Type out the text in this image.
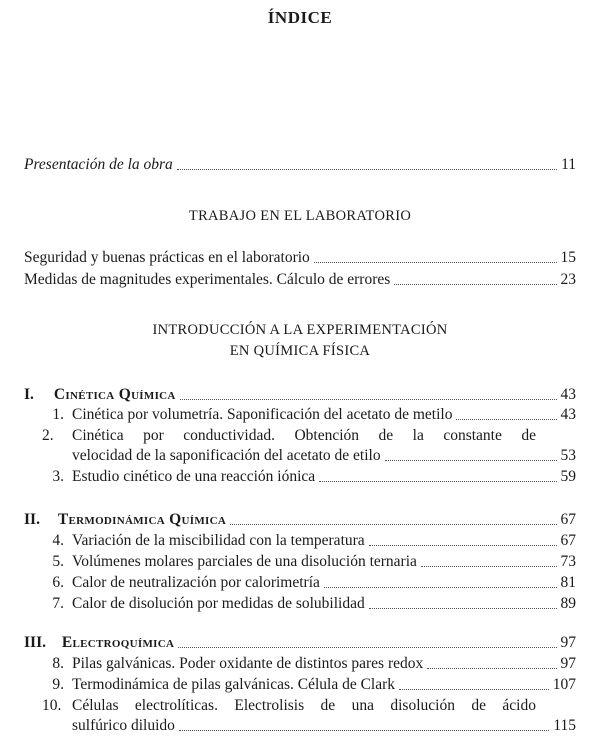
ÍNDICE
Presentación de la obra	11
TRABAJO EN EL LABORATORIO
Seguridad y buenas prácticas en el laboratorio	15
Medidas de magnitudes experimentales. Cálculo de errores	23
INTRODUCCIÓN A LA EXPERIMENTACIÓN
EN QUÍMICA FÍSICA
I. Cinética Química	43
1. Cinética por volumetría. Saponificación del acetato de metilo	43
2. Cinética por conductividad. Obtención de la constante de
velocidad de la saponificación del acetato de etilo	53
3. Estudio cinético de una reacción iónica	59
II. Termodinámica Química	67
4. Variación de la miscibilidad con la temperatura	67
5. Volúmenes molares parciales de una disolución ternaria	73
6. Calor de neutralización por calorimetría	81
7. Calor de disolución por medidas de solubilidad	89
III. Electroquímica	97
8. Pilas galvánicas. Poder oxidante de distintos pares redox	97
9. Termodinámica de pilas galvánicas. Célula de Clark	107
10. Células electrolíticas. Electrolisis de una disolución de ácido
sulfúrico diluido	115
